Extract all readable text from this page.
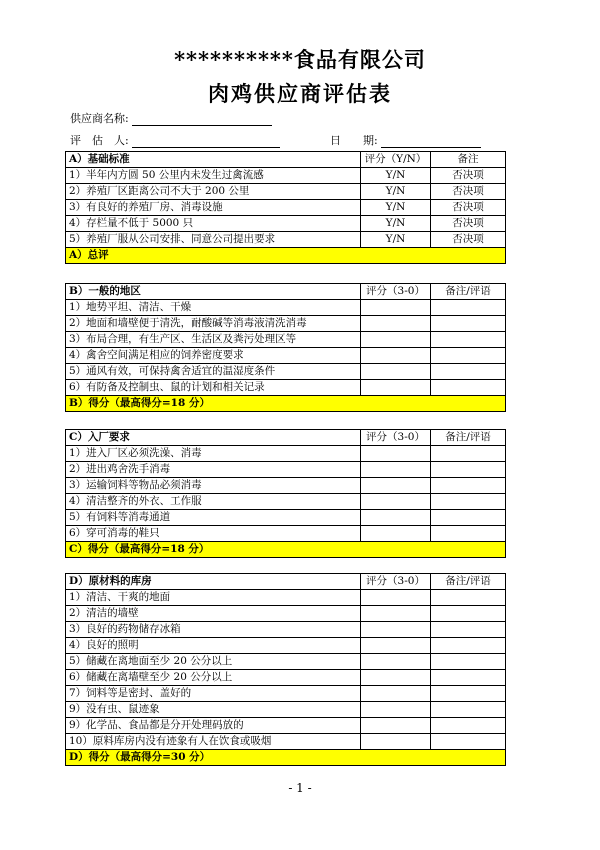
**********食品有限公司
肉鸡供应商评估表
供应商名称:
评　估　人:	日　　期:
A）基础标准	评分（Y/N）	备注
1）半年内方圆 50 公里内未发生过禽流感	Y/N	否决项
2）养殖厂区距离公司不大于 200 公里	Y/N	否决项
3）有良好的养殖厂房、消毒设施	Y/N	否决项
4）存栏量不低于 5000 只	Y/N	否决项
5）养殖厂服从公司安排、同意公司提出要求	Y/N	否决项
A）总评		
B）一般的地区	评分（3-0）	备注/评语
1）地势平坦、清洁、干燥		
2）地面和墙壁便于清洗，耐酸碱等消毒液清洗消毒		
3）布局合理，有生产区、生活区及粪污处理区等		
4）禽舍空间满足相应的饲养密度要求		
5）通风有效，可保持禽舍适宜的温湿度条件		
6）有防备及控制虫、鼠的计划和相关记录		
B）得分（最高得分=18 分）		
C）入厂要求	评分（3-0）	备注/评语
1）进入厂区必须洗澡、消毒		
2）进出鸡舍洗手消毒		
3）运输饲料等物品必须消毒		
4）清洁整齐的外衣、工作服		
5）有饲料等消毒通道		
6）穿可消毒的鞋只		
C）得分（最高得分=18 分）		
D）原材料的库房	评分（3-0）	备注/评语
1）清洁、干爽的地面		
2）清洁的墙壁		
3）良好的药物储存冰箱		
4）良好的照明		
5）储藏在离地面至少 20 公分以上		
6）储藏在离墙壁至少 20 公分以上		
7）饲料等是密封、盖好的		
9）没有虫、鼠迹象		
9）化学品、食品都是分开处理码放的		
10）原料库房内没有迹象有人在饮食或吸烟		
D）得分（最高得分=30 分）		
- 1 -
